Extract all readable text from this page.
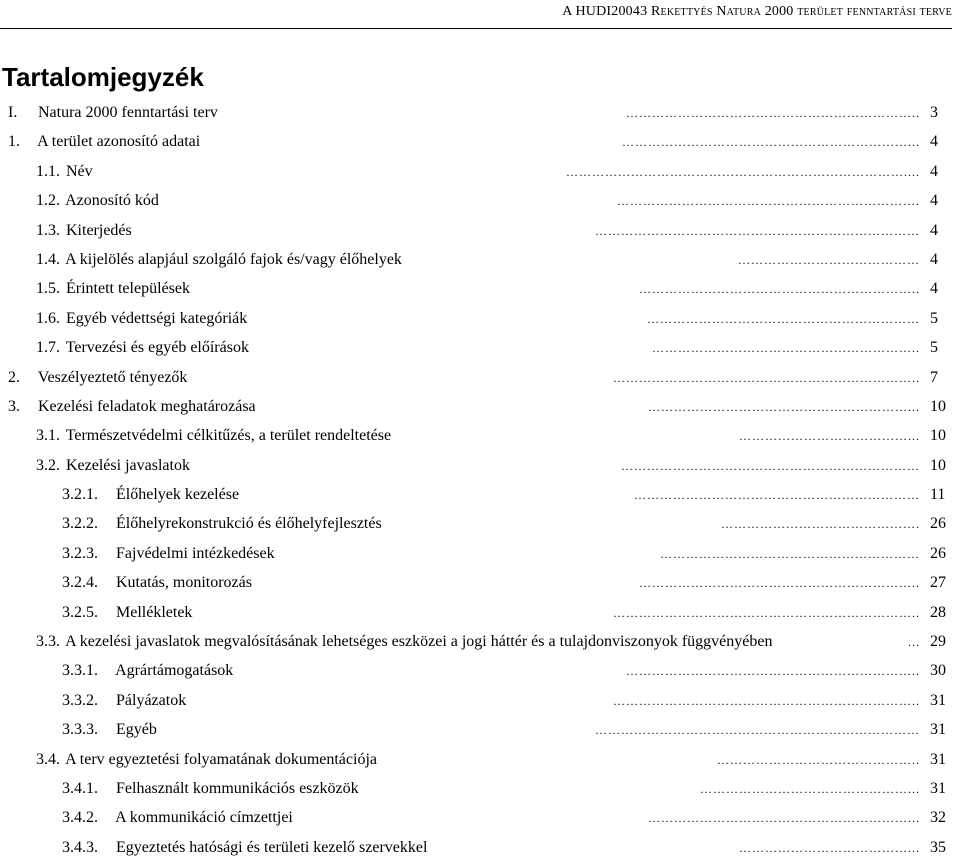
A HUDI20043 Rekettyés Natura 2000 terület fenntartási terve
Tartalomjegyzék
I. Natura 2000 fenntartási terv	………………………………………………………….. 3
1. A terület azonosító adatai	…………………………………………………………... 4
1.1. Név	…………………………………………………………………….... 4
1.2. Azonosító kód	……………………………………………………………. 4
1.3. Kiterjedés	………………………………………………………………… 4
1.4. A kijelölés alapjául szolgáló fajok és/vagy élőhelyek	…………………………………… 4
1.5. Érintett települések	……………………………………………………….. 4
1.6. Egyéb védettségi kategóriák	……………………………………………………… 5
1.7. Tervezési és egyéb előírások	…………………………………………………….. 5
2. Veszélyeztető tényezők	…………………………………………………………….. 7
3. Kezelési feladatok meghatározása	……………………………………………………... 10
3.1. Természetvédelmi célkitűzés, a terület rendeltetése	…………………………………... 10
3.2. Kezelési javaslatok	…………………………………………………………… 10
3.2.1. Élőhelyek kezelése	………………………………………………………… 11
3.2.2. Élőhelyrekonstrukció és élőhelyfejlesztés	………………………………………. 26
3.2.3. Fajvédelmi intézkedések	…………………………………………………… 26
3.2.4. Kutatás, monitorozás	……………………………………………………….. 27
3.2.5. Mellékletek	…………………………………………………………….. 28
3.3. A kezelési javaslatok megvalósításának lehetséges eszközei a jogi háttér és a tulajdonviszonyok függvényében	... 29
3.3.1. Agrártámogatások	………………………………………………………….. 30
3.3.2. Pályázatok	…………………………………………………………….. 31
3.3.3. Egyéb	………………………………………………………………… 31
3.4. A terv egyeztetési folyamatának dokumentációja	……………………………………….. 31
3.4.1. Felhasznált kommunikációs eszközök	…………………………………………... 31
3.4.2. A kommunikáció címzettjei	……………………………………………………... 32
3.4.3. Egyeztetés hatósági és területi kezelő szervekkel	…………………………………... 35
